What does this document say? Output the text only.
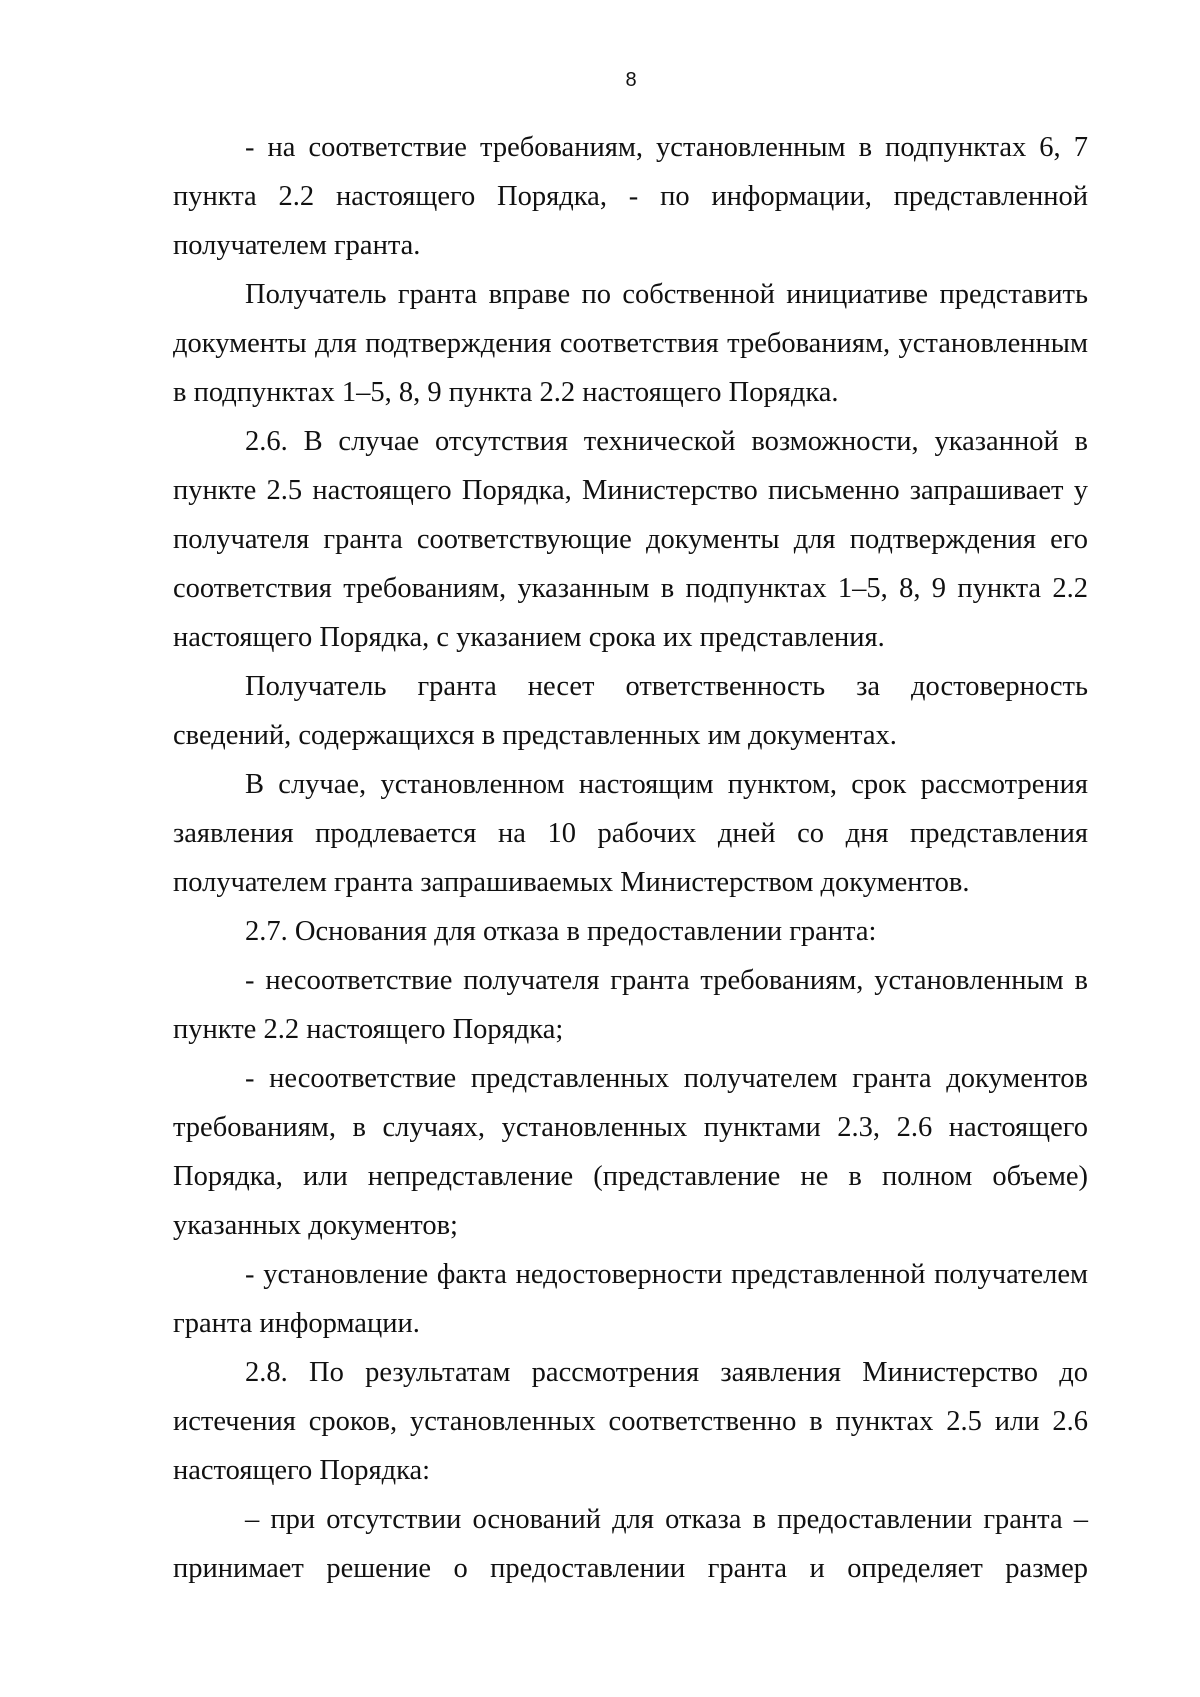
8

- на соответствие требованиям, установленным в подпунктах 6, 7 пункта 2.2 настоящего Порядка, - по информации, представленной получателем гранта.

Получатель гранта вправе по собственной инициативе представить документы для подтверждения соответствия требованиям, установленным в подпунктах 1–5, 8, 9 пункта 2.2 настоящего Порядка.

2.6. В случае отсутствия технической возможности, указанной в пункте 2.5 настоящего Порядка, Министерство письменно запрашивает у получателя гранта соответствующие документы для подтверждения его соответствия требованиям, указанным в подпунктах 1–5, 8, 9 пункта 2.2 настоящего Порядка, с указанием срока их представления.

Получатель гранта несет ответственность за достоверность сведений, содержащихся в представленных им документах.

В случае, установленном настоящим пунктом, срок рассмотрения заявления продлевается на 10 рабочих дней со дня представления получателем гранта запрашиваемых Министерством документов.

2.7. Основания для отказа в предоставлении гранта:

- несоответствие получателя гранта требованиям, установленным в пункте 2.2 настоящего Порядка;

- несоответствие представленных получателем гранта документов требованиям, в случаях, установленных пунктами 2.3, 2.6 настоящего Порядка, или непредставление (представление не в полном объеме) указанных документов;

- установление факта недостоверности представленной получателем гранта информации.

2.8. По результатам рассмотрения заявления Министерство до истечения сроков, установленных соответственно в пунктах 2.5 или 2.6 настоящего Порядка:

– при отсутствии оснований для отказа в предоставлении гранта – принимает решение о предоставлении гранта и определяет размер
